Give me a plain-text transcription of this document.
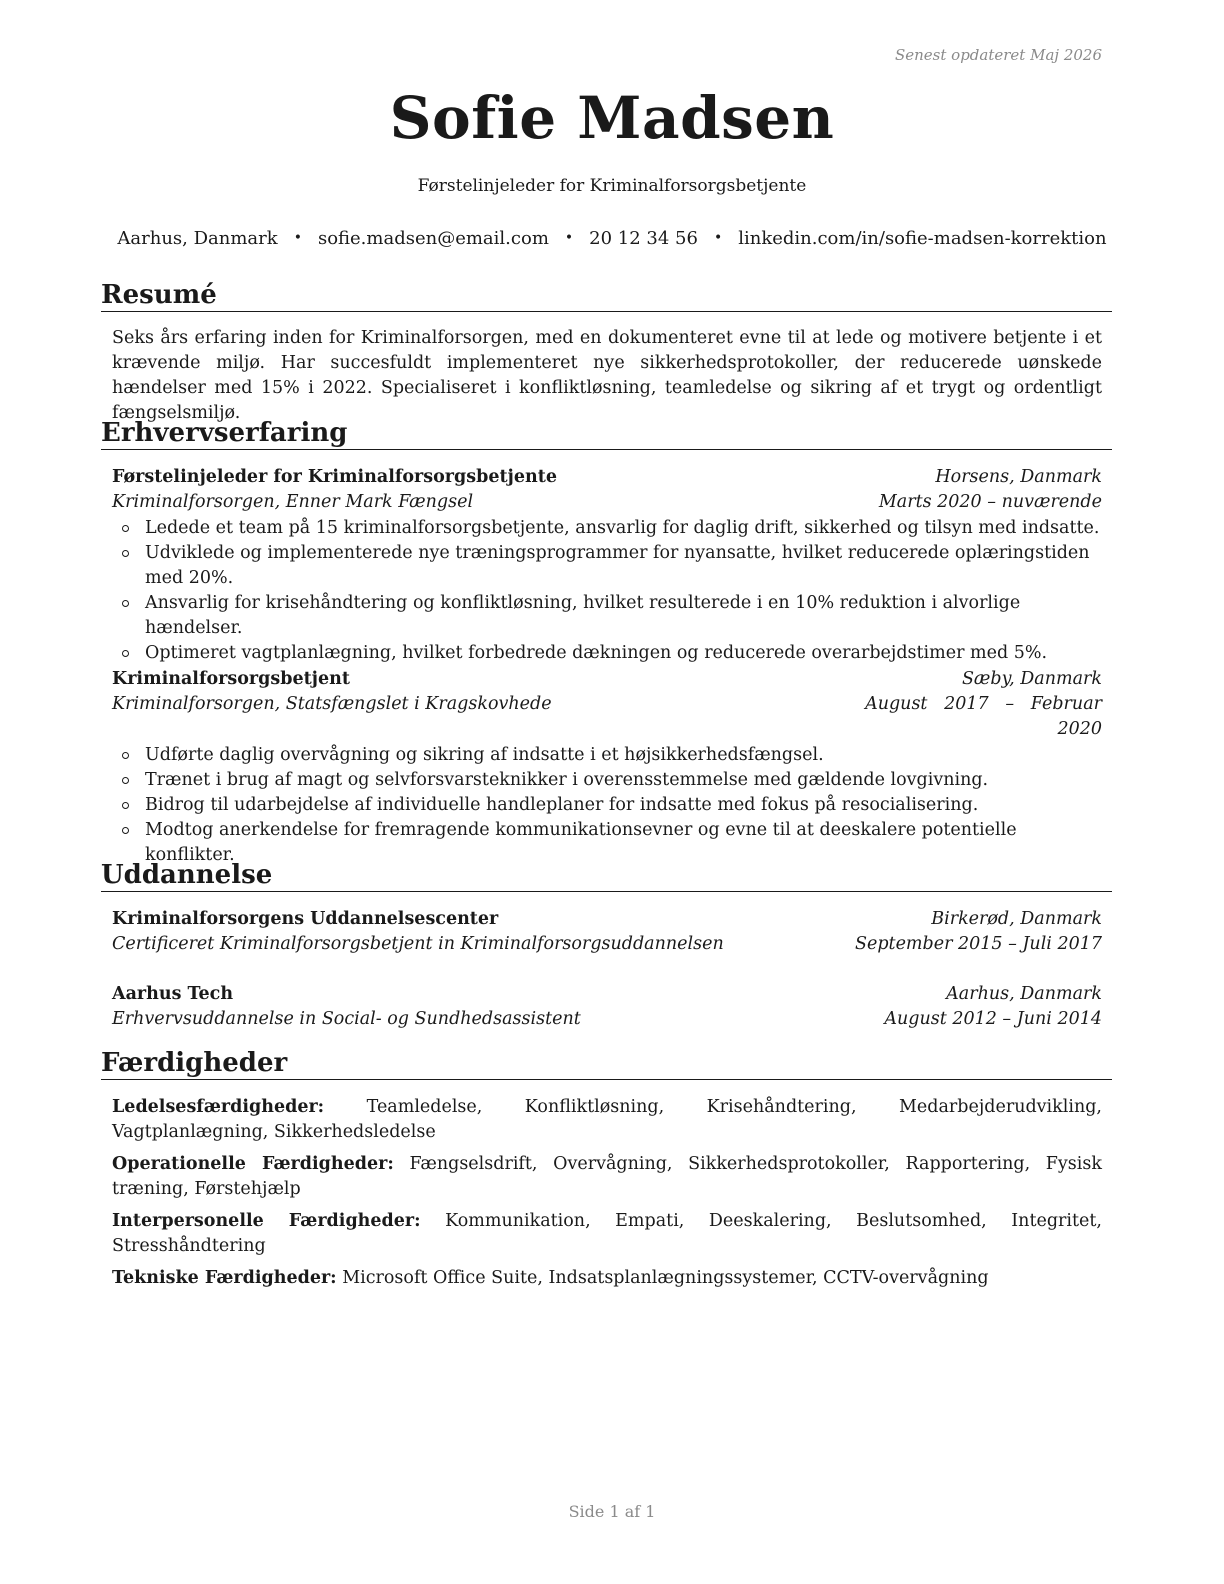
Senest opdateret Maj 2026
Sofie Madsen
Førstelinjeleder for Kriminalforsorgsbetjente
Aarhus, Danmark • sofie.madsen@email.com • 20 12 34 56 • linkedin.com/in/sofie-madsen-korrektion
Resumé
Seks års erfaring inden for Kriminalforsorgen, med en dokumenteret evne til at lede og motivere betjente i et krævende miljø. Har succesfuldt implementeret nye sikkerhedsprotokoller, der reducerede uønskede hændelser med 15% i 2022. Specialiseret i konfliktløsning, teamledelse og sikring af et trygt og ordentligt fængselsmiljø.
Erhvervserfaring
Førstelinjeleder for Kriminalforsorgsbetjente	Horsens, Danmark
Kriminalforsorgen, Enner Mark Fængsel	Marts 2020 – nuværende
Ledede et team på 15 kriminalforsorgsbetjente, ansvarlig for daglig drift, sikkerhed og tilsyn med indsatte.
Udviklede og implementerede nye træningsprogrammer for nyansatte, hvilket reducerede oplæringstiden med 20%.
Ansvarlig for krisehåndtering og konfliktløsning, hvilket resulterede i en 10% reduktion i alvorlige hændelser.
Optimeret vagtplanlægning, hvilket forbedrede dækningen og reducerede overarbejdstimer med 5%.
Kriminalforsorgsbetjent	Sæby, Danmark
Kriminalforsorgen, Statsfængslet i Kragskovhede	August   2017   –   Februar
2020
Udførte daglig overvågning og sikring af indsatte i et højsikkerhedsfængsel.
Trænet i brug af magt og selvforsvarsteknikker i overensstemmelse med gældende lovgivning.
Bidrog til udarbejdelse af individuelle handleplaner for indsatte med fokus på resocialisering.
Modtog anerkendelse for fremragende kommunikationsevner og evne til at deeskalere potentielle konflikter.
Uddannelse
Kriminalforsorgens Uddannelsescenter	Birkerød, Danmark
Certificeret Kriminalforsorgsbetjent in Kriminalforsorgsuddannelsen	September 2015 – Juli 2017
Aarhus Tech	Aarhus, Danmark
Erhvervsuddannelse in Social- og Sundhedsassistent	August 2012 – Juni 2014
Færdigheder
Ledelsesfærdigheder: Teamledelse, Konfliktløsning, Krisehåndtering, Medarbejderudvikling, Vagtplanlægning, Sikkerhedsledelse
Operationelle Færdigheder: Fængselsdrift, Overvågning, Sikkerhedsprotokoller, Rapportering, Fysisk træning, Førstehjælp
Interpersonelle Færdigheder: Kommunikation, Empati, Deeskalering, Beslutsomhed, Integritet, Stresshåndtering
Tekniske Færdigheder: Microsoft Office Suite, Indsatsplanlægningssystemer, CCTV-overvågning
Side 1 af 1
